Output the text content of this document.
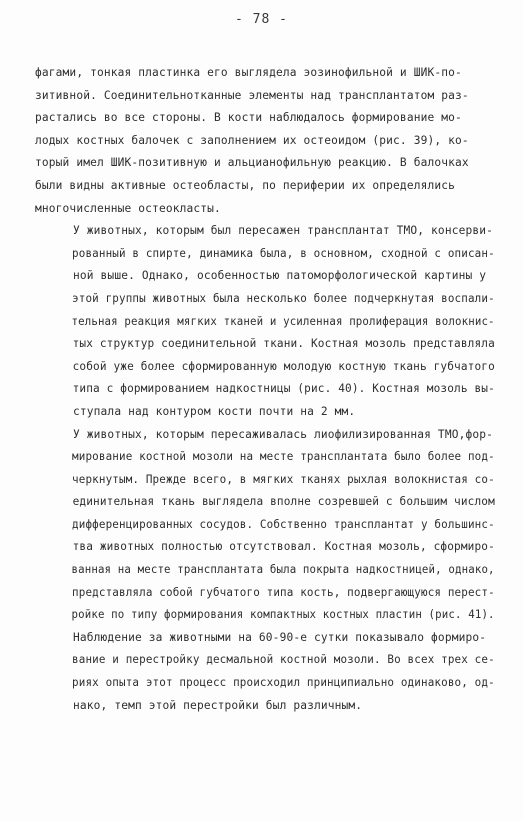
- 78 -

фагами, тонкая пластинка его выглядела эозинофильной и ШИК-по-
зитивной. Соединительнотканные элементы над трансплантатом раз-
растались во все стороны. В кости наблюдалось формирование мо-
лодых костных балочек с заполнением их остеоидом (рис. 39), ко-
торый имел ШИК-позитивную и альцианофильную реакцию. В балочках
были видны активные остеобласты, по периферии их определялись
многочисленные остеокласты.

У животных, которым был пересажен трансплантат ТМО, консерви-
рованный в спирте, динамика была, в основном, сходной с описан-
ной выше. Однако, особенностью патоморфологической картины у
этой группы животных была несколько более подчеркнутая воспали-
тельная реакция мягких тканей и усиленная пролиферация волокнис-
тых структур соединительной ткани. Костная мозоль представляла
собой уже более сформированную молодую костную ткань губчатого
типа с формированием надкостницы (рис. 40). Костная мозоль вы-
ступала над контуром кости почти на 2 мм.

У животных, которым пересаживалась лиофилизированная ТМО,фор-
мирование костной мозоли на месте трансплантата было более под-
черкнутым. Прежде всего, в мягких тканях рыхлая волокнистая со-
единительная ткань выглядела вполне созревшей с большим числом
дифференцированных сосудов. Собственно трансплантат у большинс-
тва животных полностью отсутствовал. Костная мозоль, сформиро-
ванная на месте трансплантата была покрыта надкостницей, однако,
представляла собой губчатого типа кость, подвергающуюся перест-
ройке по типу формирования компактных костных пластин (рис. 41).

Наблюдение за животными на 60-90-е сутки показывало формиро-
вание и перестройку десмальной костной мозоли. Во всех трех се-
риях опыта этот процесс происходил принципиально одинаково, од-
нако, темп этой перестройки был различным.
